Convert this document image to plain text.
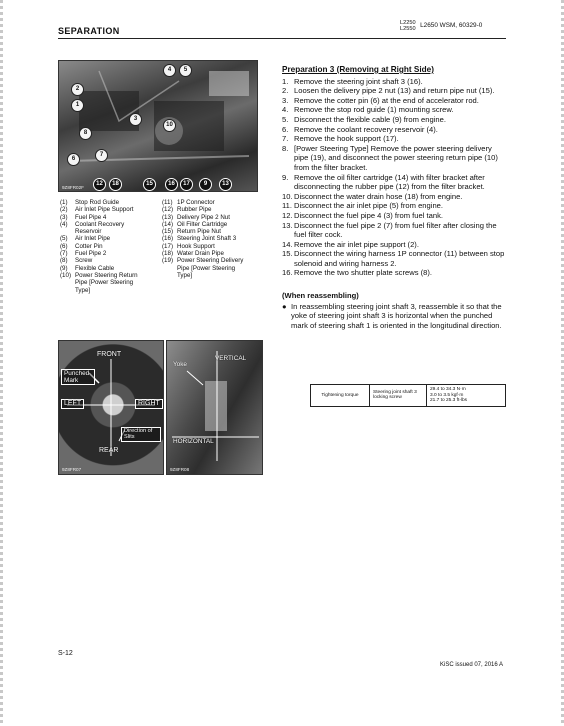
SEPARATION
L2250
L2550 L2650 WSM, 60329-0
4	5
2
1
3
8
10
6
7
12	18	15	16	17	9	13
9Z8FR02F
(1)	Stop Rod Guide
(2)	Air Inlet Pipe Support
(3)	Fuel Pipe 4
(4)	Coolant Recovery
Reservoir
(5)	Air Inlet Pipe
(6)	Cotter Pin
(7)	Fuel Pipe 2
(8)	Screw
(9)	Flexible Cable
(10) Power Steering Return
Pipe [Power Steering
Type]
(11) 1P Connector
(12) Rubber Pipe
(13) Delivery Pipe 2 Nut
(14) Oil Filter Cartridge
(15) Return Pipe Nut
(16) Steering Joint Shaft 3
(17) Hook Support
(18) Water Drain Pipe
(19) Power Steering Delivery
Pipe [Power Steering
Type]
Preparation 3 (Removing at Right Side)
1. Remove the steering joint shaft 3 (16).
2. Loosen the delivery pipe 2 nut (13) and return pipe nut (15).
3. Remove the cotter pin (6) at the end of accelerator rod.
4. Remove the stop rod guide (1) mounting screw.
5. Disconnect the flexible cable (9) from engine.
6. Remove the coolant recovery reservoir (4).
7. Remove the hook support (17).
8. [Power Steering Type] Remove the power steering delivery pipe (19), and disconnect the power steering return pipe (10) from the filter bracket.
9. Remove the oil filter cartridge (14) with filter bracket after disconnecting the rubber pipe (12) from the filter bracket.
10. Disconnect the water drain hose (18) from engine.
11. Disconnect the air inlet pipe (5) from engine.
12. Disconnect the fuel pipe 4 (3) from fuel tank.
13. Disconnect the fuel pipe 2 (7) from fuel filter after closing the fuel filter cock.
14. Remove the air inlet pipe support (2).
15. Disconnect the wiring harness 1P connector (11) between stop solenoid and wiring harness 2.
16. Remove the two shutter plate screws (8).
(When reassembling)
● In reassembling steering joint shaft 3, reassemble it so that the yoke of steering joint shaft 3 is horizontal when the punched mark of steering shaft 1 is oriented in the longitudinal direction.
Tightening torque	Steering joint shaft 3 locking screw	
29.4 to 34.3 N·m
3.0 to 3.5 kgf·m
21.7 to 25.3 ft-lbs
FRONT
Punched Mark
LEFT	RIGHT
Direction of Slits
REAR
9Z8FR07
VERTICAL
Yoke
HORIZONTAL
9Z8FR08
S-12
KiSC issued 07, 2016 A
